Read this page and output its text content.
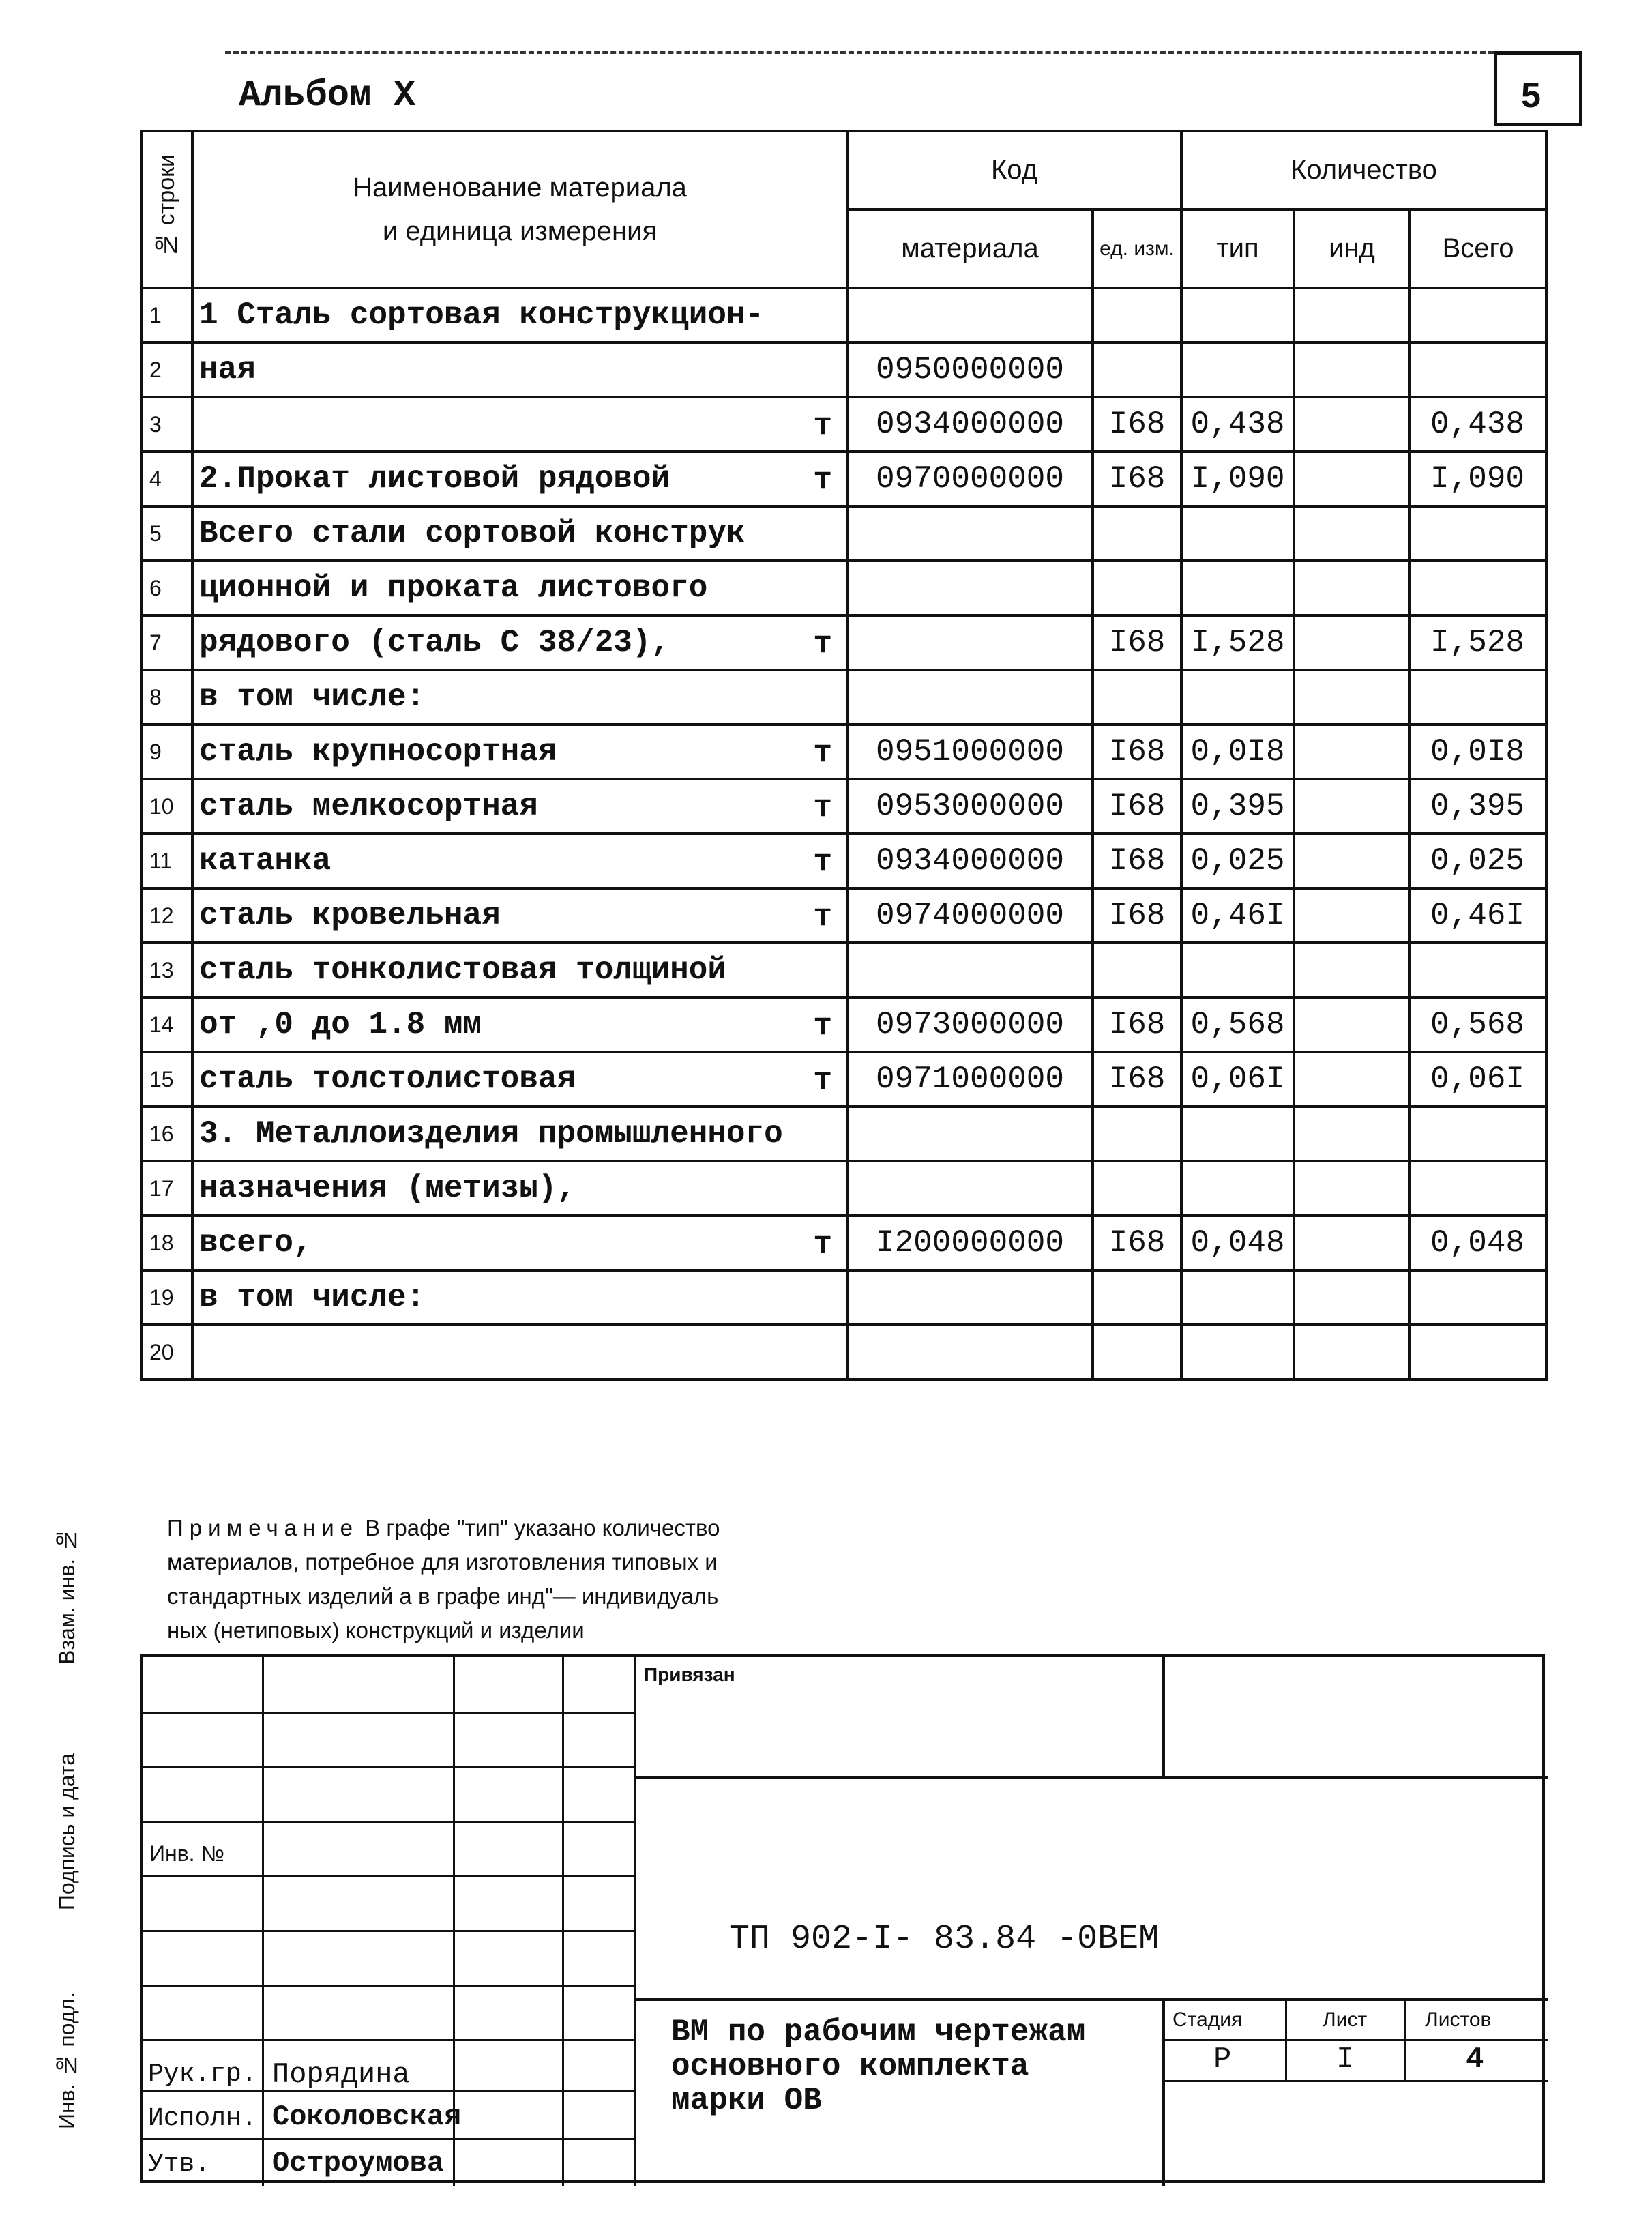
Альбом X	5
№ строки	Наименование материала
и единица измерения	Код		Количество		
		материала	ед. изм.	тип	инд	Всего
1	1 Сталь сортовая конструкцион-

2	ная	0950000000				
3	т	0934000000	I68	0,438		0,438
4	2.Прокат листовой рядовой т	0970000000	I68	I,090		I,090
5	Всего стали сортовой конструк

6	ционной и проката листового

7	рядового (сталь С 38/23), т		I68	I,528		I,528
8	в том числе:

9	сталь крупносортная т	0951000000	I68	0,0I8		0,0I8
10	сталь мелкосортная т	0953000000	I68	0,395		0,395
11	катанка т	0934000000	I68	0,025		0,025
12	сталь кровельная т	0974000000	I68	0,46I		0,46I
13	сталь тонколистовая толщиной

14	от ,0 до 1.8 мм т	0973000000	I68	0,568		0,568
15	сталь толстолистовая т	0971000000	I68	0,06I		0,06I
16	3. Металлоизделия промышленного

17	назначения (метизы),

18	всего, т	I200000000	I68	0,048		0,048
19	в том числе:

20	

Примечание В графе "тип" указано количество
материалов, потребное для изготовления типовых и
стандартных изделий а в графе инд"— индивидуаль
ных (нетиповых) конструкций и изделии
Инв. № подл.
Подпись и дата
Взам. инв. №
Привязан
Инв. №
ТП 902-I- 83.84 -0ВЕМ
ВМ по рабочим чертежам
основного комплекта
марки ОВ
Стадия	Лист	Листов
Р	I	4
Рук.гр. Порядина
Исполн. Соколовская
Утв. Остроумова
